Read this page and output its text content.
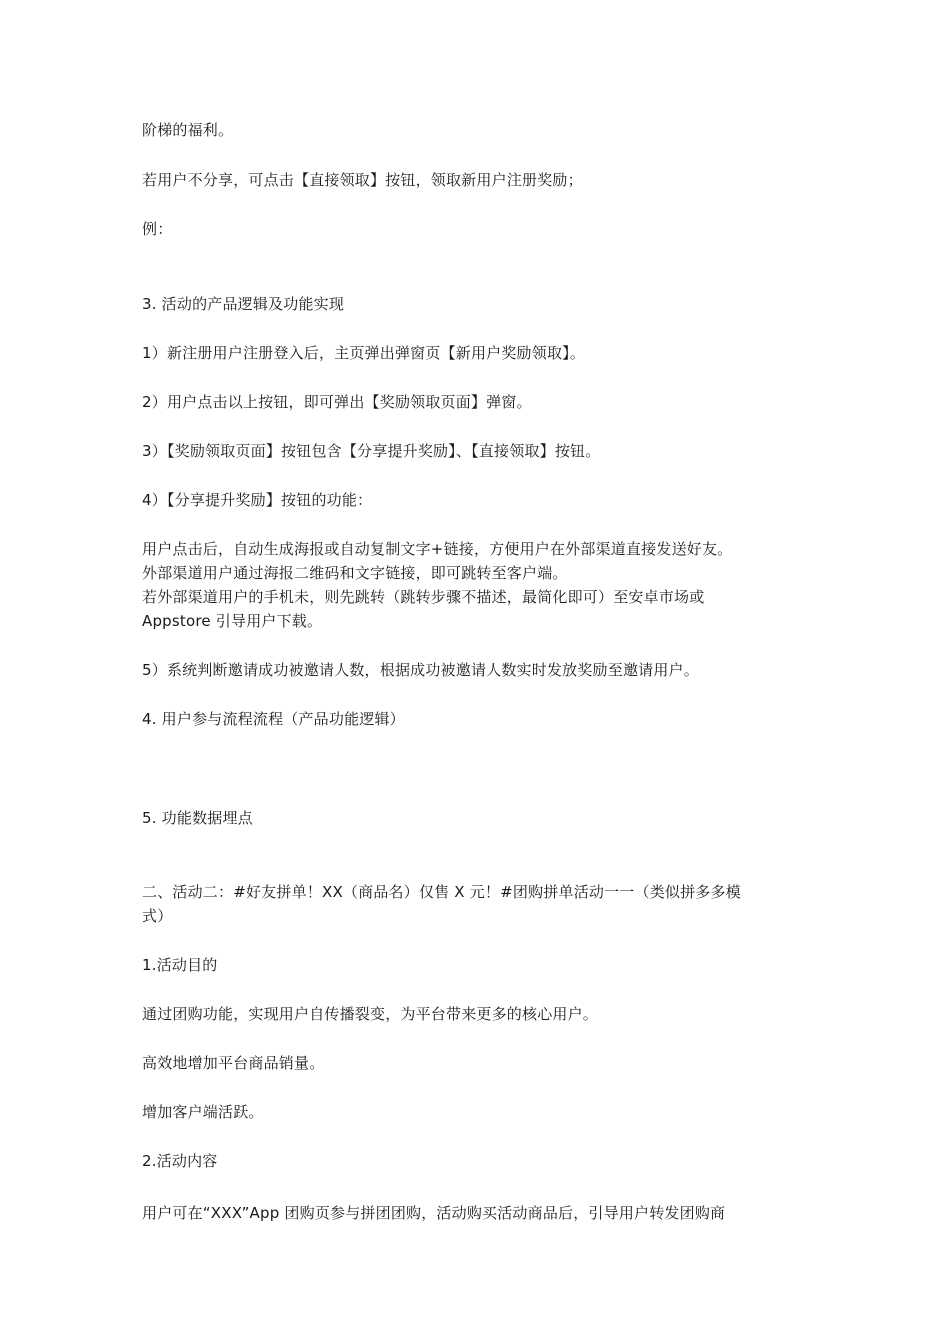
阶梯的福利。
若用户不分享，可点击【直接领取】按钮，领取新用户注册奖励；
例：
3. 活动的产品逻辑及功能实现
1）新注册用户注册登入后，主页弹出弹窗页【新用户奖励领取】。
2）用户点击以上按钮，即可弹出【奖励领取页面】弹窗。
3）【奖励领取页面】按钮包含【分享提升奖励】、【直接领取】按钮。
4）【分享提升奖励】按钮的功能：
用户点击后，自动生成海报或自动复制文字+链接，方便用户在外部渠道直接发送好友。
外部渠道用户通过海报二维码和文字链接，即可跳转至客户端。
若外部渠道用户的手机未，则先跳转（跳转步骤不描述，最简化即可）至安卓市场或
Appstore 引导用户下载。
5）系统判断邀请成功被邀请人数，根据成功被邀请人数实时发放奖励至邀请用户。
4. 用户参与流程流程（产品功能逻辑）
5. 功能数据埋点
二、活动二：#好友拼单！XX（商品名）仅售 X 元！#团购拼单活动一一（类似拼多多模
式）
1.活动目的
通过团购功能，实现用户自传播裂变，为平台带来更多的核心用户。
高效地增加平台商品销量。
增加客户端活跃。
2.活动内容
用户可在“XXX”App 团购页参与拼团团购，活动购买活动商品后，引导用户转发团购商
